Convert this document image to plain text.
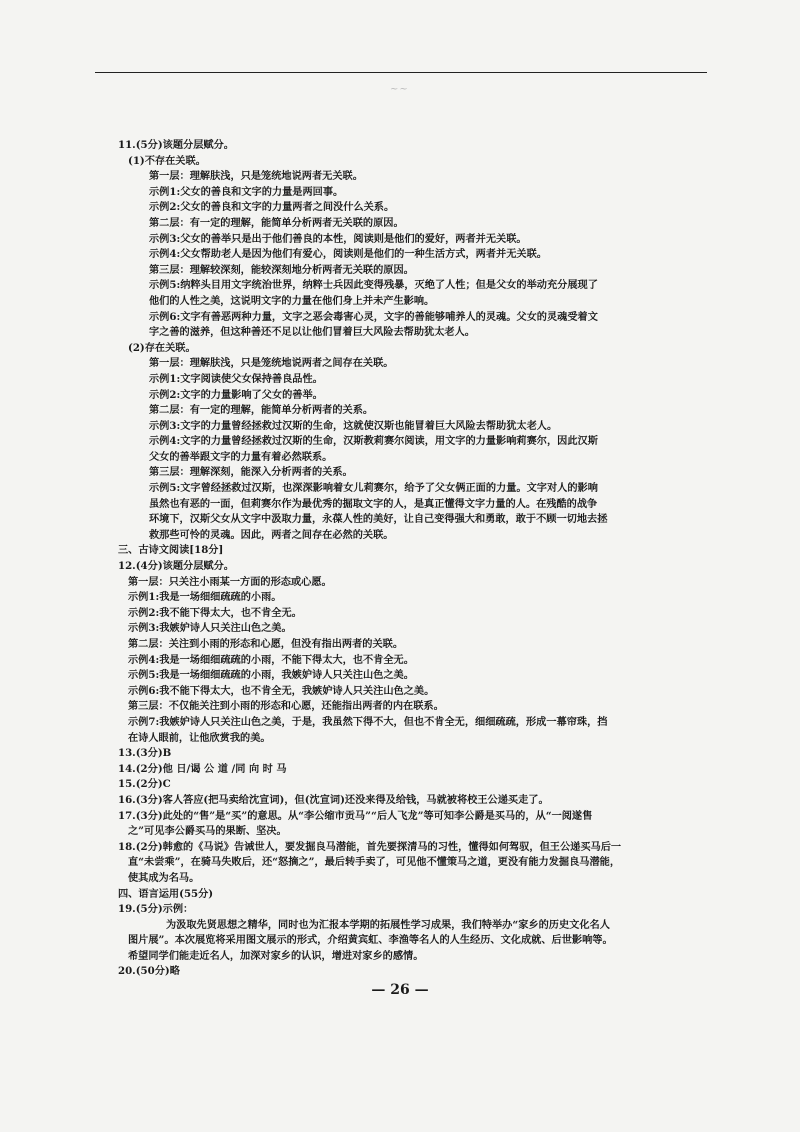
~~
11.(5分)该题分层赋分。
(1)不存在关联。
第一层：理解肤浅，只是笼统地说两者无关联。
示例1:父女的善良和文字的力量是两回事。
示例2:父女的善良和文字的力量两者之间没什么关系。
第二层：有一定的理解，能简单分析两者无关联的原因。
示例3:父女的善举只是出于他们善良的本性，阅读则是他们的爱好，两者并无关联。
示例4:父女帮助老人是因为他们有爱心，阅读则是他们的一种生活方式，两者并无关联。
第三层：理解较深刻，能较深刻地分析两者无关联的原因。
示例5:纳粹头目用文字统治世界，纳粹士兵因此变得残暴，灭绝了人性；但是父女的举动充分展现了
他们的人性之美，这说明文字的力量在他们身上并未产生影响。
示例6:文字有善恶两种力量，文字之恶会毒害心灵，文字的善能够哺养人的灵魂。父女的灵魂受着文
字之善的滋养，但这种善还不足以让他们冒着巨大风险去帮助犹太老人。
(2)存在关联。
第一层：理解肤浅，只是笼统地说两者之间存在关联。
示例1:文字阅读使父女保持善良品性。
示例2:文字的力量影响了父女的善举。
第二层：有一定的理解，能简单分析两者的关系。
示例3:文字的力量曾经拯救过汉斯的生命，这就使汉斯也能冒着巨大风险去帮助犹太老人。
示例4:文字的力量曾经拯救过汉斯的生命，汉斯教莉赛尔阅读，用文字的力量影响莉赛尔，因此汉斯
父女的善举跟文字的力量有着必然联系。
第三层：理解深刻，能深入分析两者的关系。
示例5:文字曾经拯救过汉斯，也深深影响着女儿莉赛尔，给予了父女俩正面的力量。文字对人的影响
虽然也有恶的一面，但莉赛尔作为最优秀的掘取文字的人，是真正懂得文字力量的人。在残酷的战争
环境下，汉斯父女从文字中汲取力量，永葆人性的美好，让自己变得强大和勇敢，敢于不顾一切地去拯
救那些可怜的灵魂。因此，两者之间存在必然的关联。
三、古诗文阅读[18分]
12.(4分)该题分层赋分。
第一层：只关注小雨某一方面的形态或心愿。
示例1:我是一场细细疏疏的小雨。
示例2:我不能下得太大，也不肯全无。
示例3:我嫉妒诗人只关注山色之美。
第二层：关注到小雨的形态和心愿，但没有指出两者的关联。
示例4:我是一场细细疏疏的小雨，不能下得太大，也不肯全无。
示例5:我是一场细细疏疏的小雨，我嫉妒诗人只关注山色之美。
示例6:我不能下得太大，也不肯全无，我嫉妒诗人只关注山色之美。
第三层：不仅能关注到小雨的形态和心愿，还能指出两者的内在联系。
示例7:我嫉妒诗人只关注山色之美，于是，我虽然下得不大，但也不肯全无，细细疏疏，形成一幕帘珠，挡
在诗人眼前，让他欣赏我的美。
13.(3分)B
14.(2分)他 日/谒 公 道 /同 向 时 马
15.(2分)C
16.(3分)客人答应(把马卖给沈宣词)，但(沈宣词)还没来得及给钱，马就被将校王公递买走了。
17.(3分)此处的“售”是“买”的意思。从“李公缩市贡马”“后人飞龙”等可知李公爵是买马的，从“一阅遂售
之”可见李公爵买马的果断、坚决。
18.(2分)韩愈的《马说》告诫世人，要发掘良马潜能，首先要探清马的习性，懂得如何驾驭，但王公递买马后一
直“未尝乘”，在骑马失败后，还“怒摘之”，最后转手卖了，可见他不懂策马之道，更没有能力发掘良马潜能，
使其成为名马。
四、语言运用(55分)
19.(5分)示例：
为汲取先贤思想之精华，同时也为汇报本学期的拓展性学习成果，我们特举办“家乡的历史文化名人
图片展”。本次展览将采用图文展示的形式，介绍黄宾虹、李渔等名人的人生经历、文化成就、后世影响等。
希望同学们能走近名人，加深对家乡的认识，增进对家乡的感情。
20.(50分)略
— 26 —
